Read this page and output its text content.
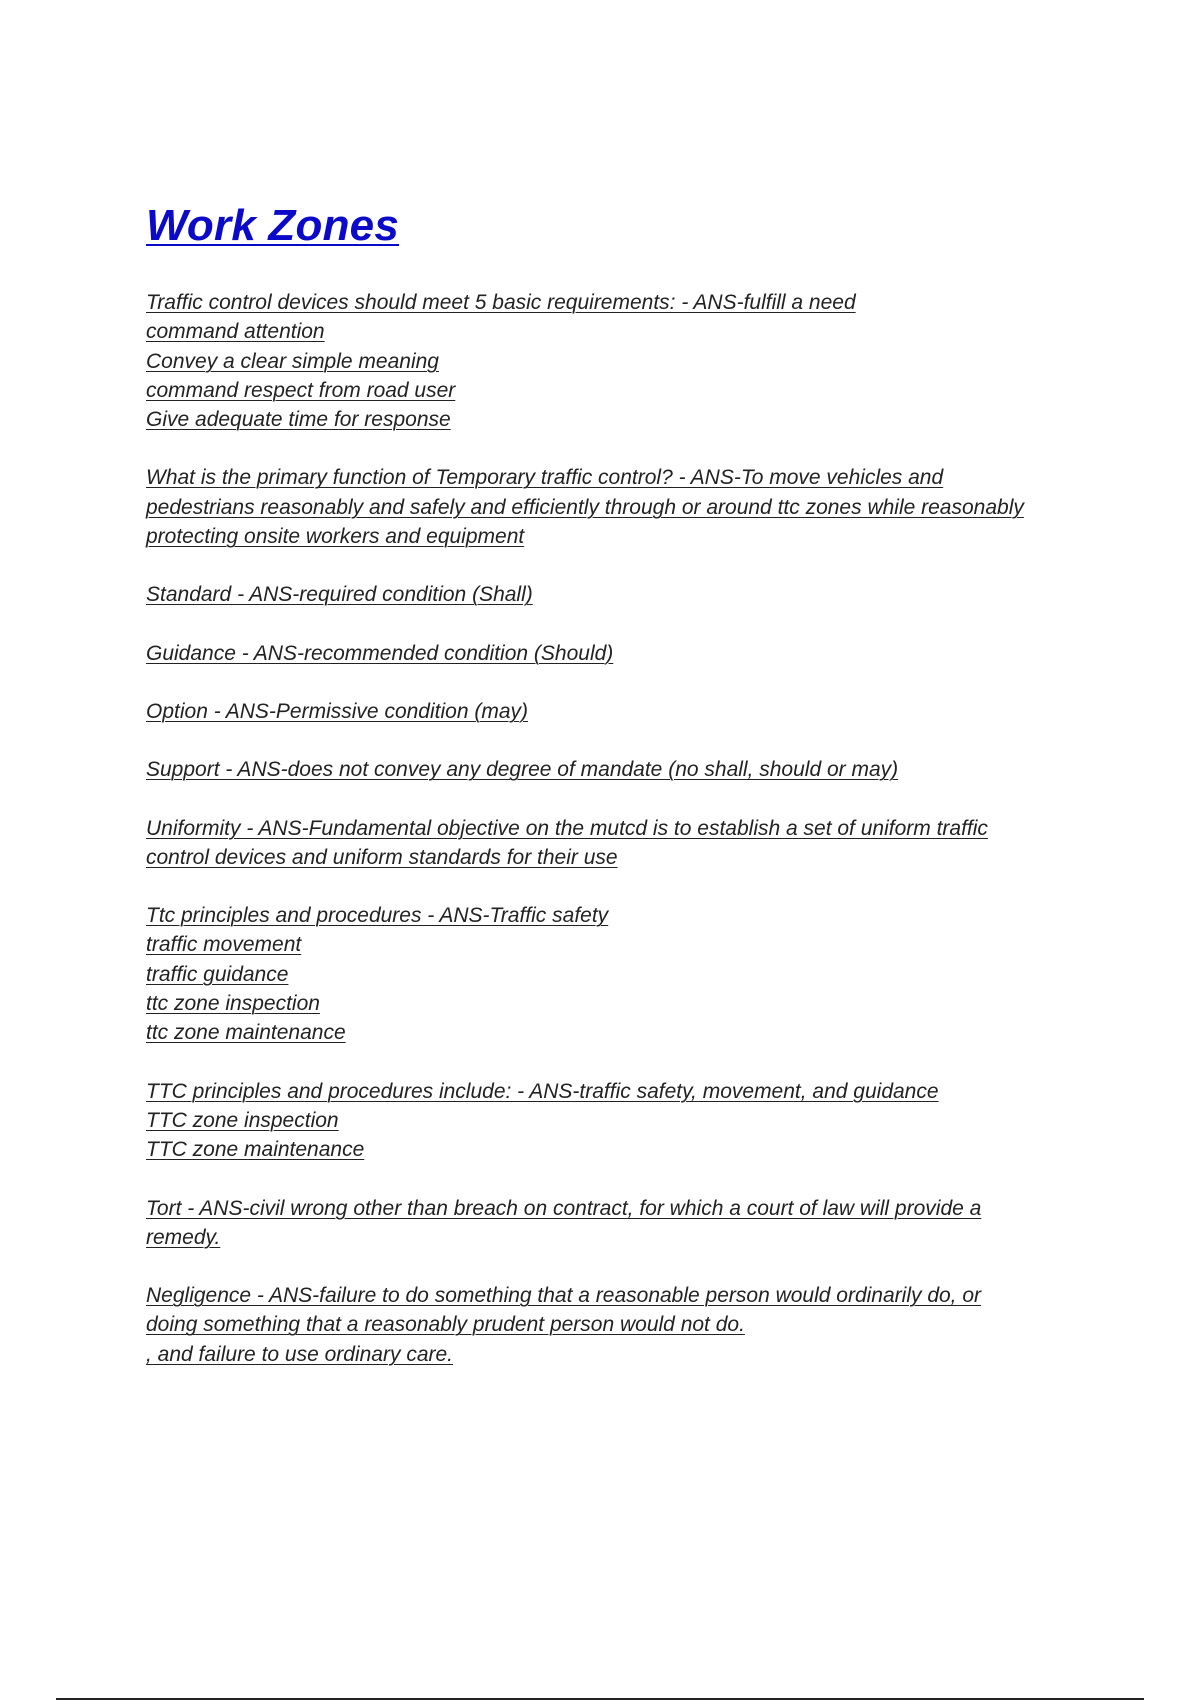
Work Zones
Traffic control devices should meet 5 basic requirements: - ANS-fulfill a need
command attention
Convey a clear simple meaning
command respect from road user
Give adequate time for response
What is the primary function of Temporary traffic control? - ANS-To move vehicles and
pedestrians reasonably and safely and efficiently through or around ttc zones while reasonably
protecting onsite workers and equipment
Standard - ANS-required condition (Shall)
Guidance - ANS-recommended condition (Should)
Option - ANS-Permissive condition (may)
Support - ANS-does not convey any degree of mandate (no shall, should or may)
Uniformity - ANS-Fundamental objective on the mutcd is to establish a set of uniform traffic
control devices and uniform standards for their use
Ttc principles and procedures - ANS-Traffic safety
traffic movement
traffic guidance
ttc zone inspection
ttc zone maintenance
TTC principles and procedures include: - ANS-traffic safety, movement, and guidance
TTC zone inspection
TTC zone maintenance
Tort - ANS-civil wrong other than breach on contract, for which a court of law will provide a
remedy.
Negligence - ANS-failure to do something that a reasonable person would ordinarily do, or
doing something that a reasonably prudent person would not do.
, and failure to use ordinary care.
